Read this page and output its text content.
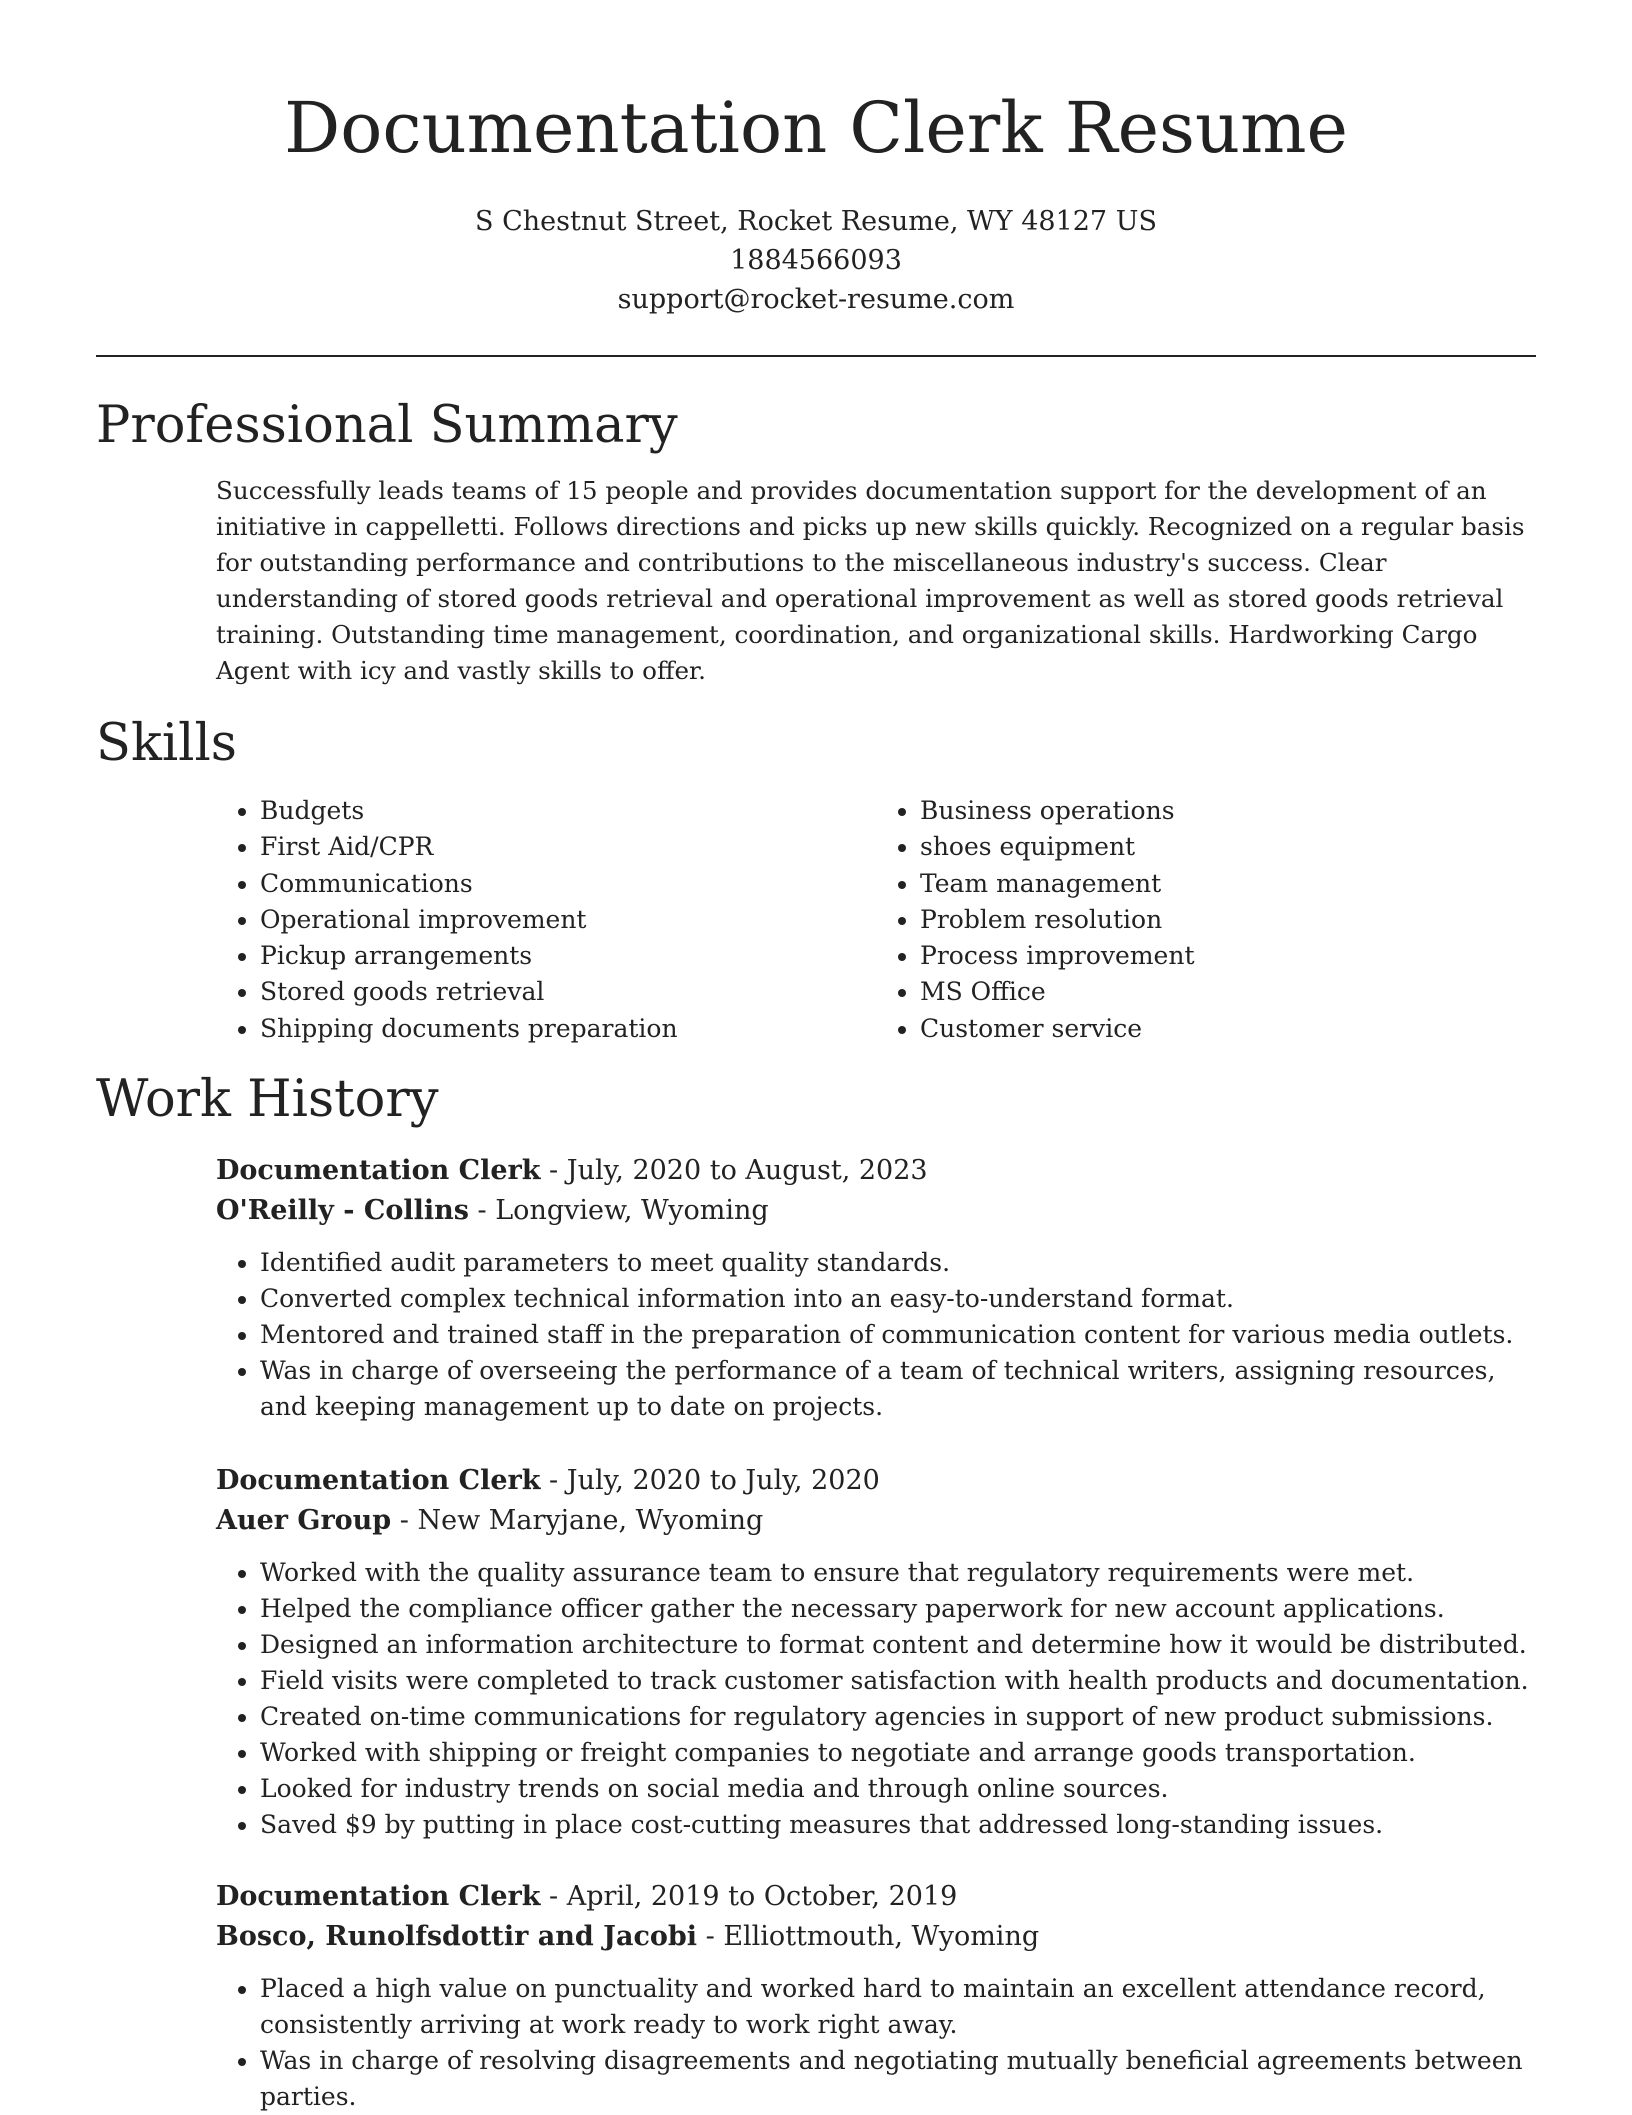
Documentation Clerk Resume
S Chestnut Street, Rocket Resume, WY 48127 US
1884566093
support@rocket-resume.com
Professional Summary

Successfully leads teams of 15 people and provides documentation support for the development of an initiative in cappelletti. Follows directions and picks up new skills quickly. Recognized on a regular basis for outstanding performance and contributions to the miscellaneous industry's success. Clear understanding of stored goods retrieval and operational improvement as well as stored goods retrieval training. Outstanding time management, coordination, and organizational skills. Hardworking Cargo Agent with icy and vastly skills to offer.

Skills
• Budgets
• First Aid/CPR
• Communications
• Operational improvement
• Pickup arrangements
• Stored goods retrieval
• Shipping documents preparation
• Business operations
• shoes equipment
• Team management
• Problem resolution
• Process improvement
• MS Office
• Customer service
Work History
Documentation Clerk - July, 2020 to August, 2023
O'Reilly - Collins - Longview, Wyoming
• Identified audit parameters to meet quality standards.
• Converted complex technical information into an easy-to-understand format.
• Mentored and trained staff in the preparation of communication content for various media outlets.
• Was in charge of overseeing the performance of a team of technical writers, assigning resources, and keeping management up to date on projects.
Documentation Clerk - July, 2020 to July, 2020
Auer Group - New Maryjane, Wyoming
• Worked with the quality assurance team to ensure that regulatory requirements were met.
• Helped the compliance officer gather the necessary paperwork for new account applications.
• Designed an information architecture to format content and determine how it would be distributed.
• Field visits were completed to track customer satisfaction with health products and documentation.
• Created on-time communications for regulatory agencies in support of new product submissions.
• Worked with shipping or freight companies to negotiate and arrange goods transportation.
• Looked for industry trends on social media and through online sources.
• Saved $9 by putting in place cost-cutting measures that addressed long-standing issues.
Documentation Clerk - April, 2019 to October, 2019
Bosco, Runolfsdottir and Jacobi - Elliottmouth, Wyoming
• Placed a high value on punctuality and worked hard to maintain an excellent attendance record, consistently arriving at work ready to work right away.
• Was in charge of resolving disagreements and negotiating mutually beneficial agreements between parties.
